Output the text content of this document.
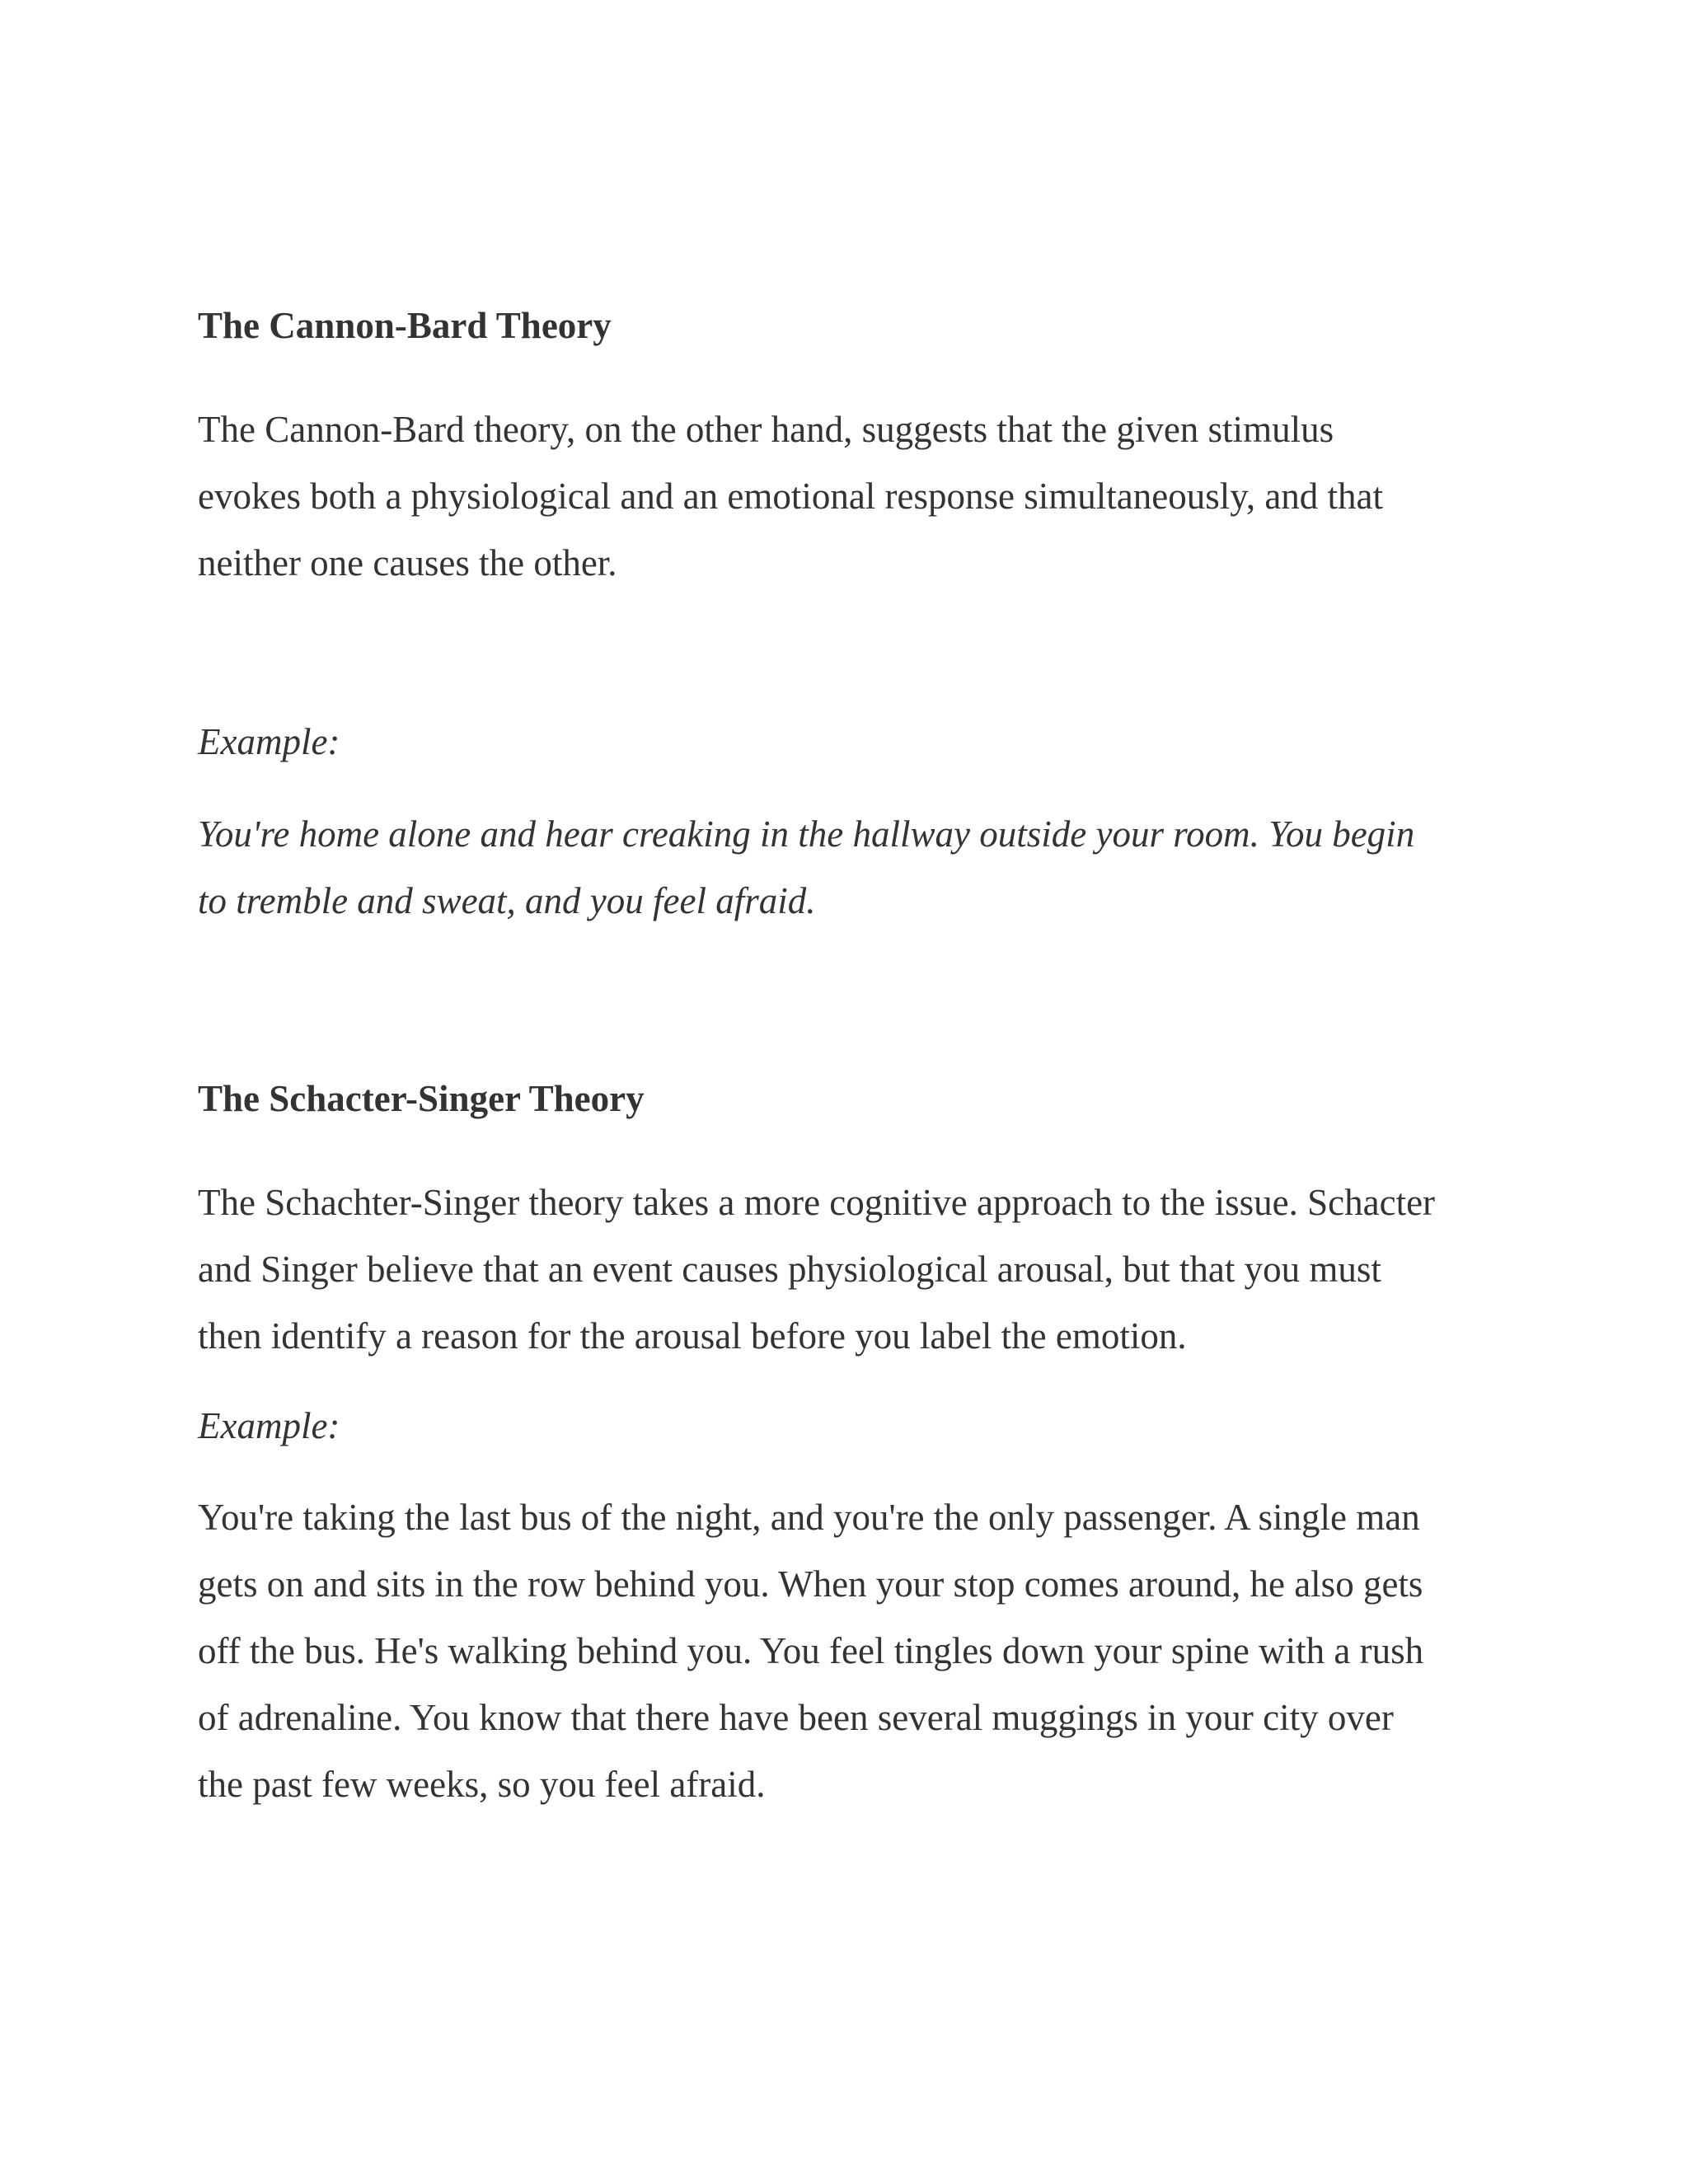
The Cannon-Bard Theory

The Cannon-Bard theory, on the other hand, suggests that the given stimulus
evokes both a physiological and an emotional response simultaneously, and that
neither one causes the other.

Example:

You're home alone and hear creaking in the hallway outside your room. You begin
to tremble and sweat, and you feel afraid.

The Schacter-Singer Theory

The Schachter-Singer theory takes a more cognitive approach to the issue. Schacter
and Singer believe that an event causes physiological arousal, but that you must
then identify a reason for the arousal before you label the emotion.

Example:

You're taking the last bus of the night, and you're the only passenger. A single man
gets on and sits in the row behind you. When your stop comes around, he also gets
off the bus. He's walking behind you. You feel tingles down your spine with a rush
of adrenaline. You know that there have been several muggings in your city over
the past few weeks, so you feel afraid.
